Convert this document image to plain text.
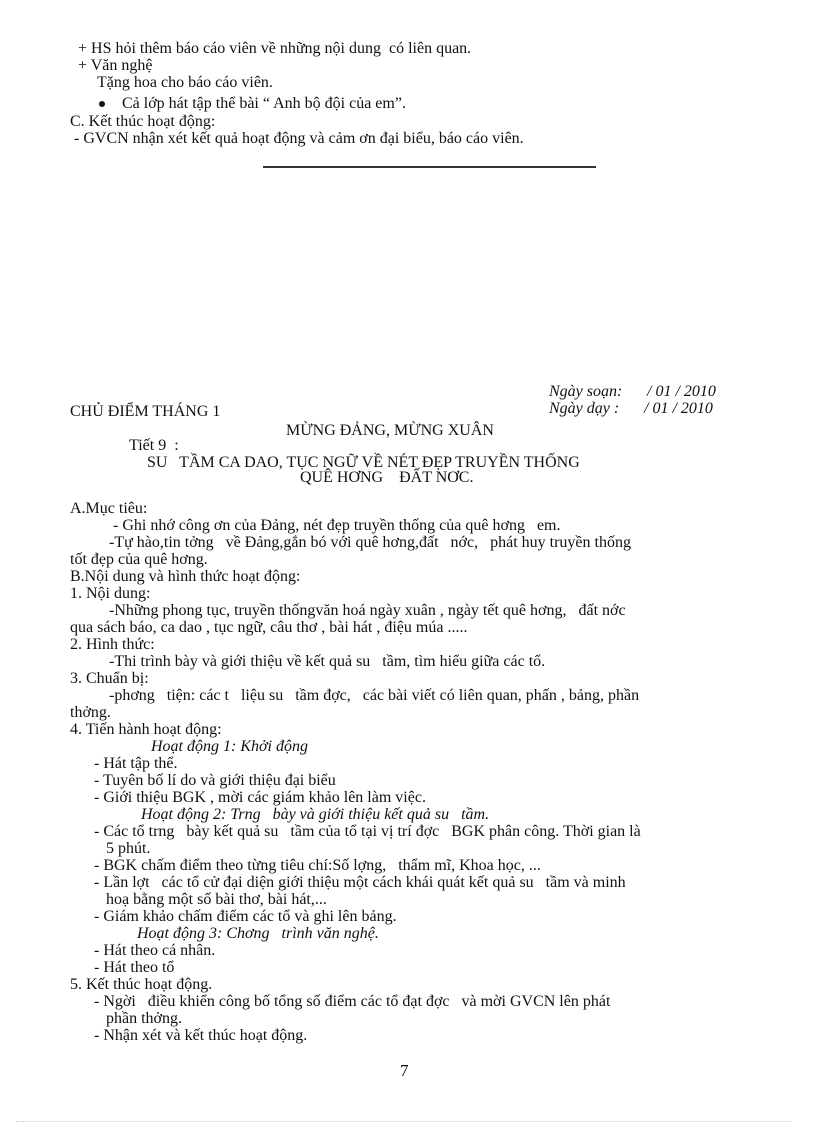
+ HS hỏi thêm báo cáo viên về những nội dung  có liên quan.
+ Văn nghệ
Tặng hoa cho báo cáo viên.
Cả lớp hát tập thể bài “ Anh bộ đội của em”.
C. Kết thúc hoạt động:
- GVCN nhận xét kết quả hoạt động và cảm ơn đại biểu, báo cáo viên.
Ngày soạn: / 01 / 2010
Ngày dạy : / 01 / 2010
CHỦ ĐIỂM THÁNG 1
MỪNG ĐẢNG, MỪNG XUÂN
Tiết 9  :
SU   TẦM CA DAO, TỤC NGỮ VỀ NÉT ĐẸP TRUYỀN THỐNG
QUÊ HƠNG    ĐẤT NƠC.
A.Mục tiêu:
- Ghi nhớ công ơn của Đảng, nét đẹp truyền thống của quê hơng   em.
-Tự hào,tin tởng   về Đảng,gắn bó với quê hơng,đất   nớc,   phát huy truyền thống
tốt đẹp của quê hơng.
B.Nội dung và hình thức hoạt động:
1. Nội dung:
-Những phong tục, truyền thốngvăn hoá ngày xuân , ngày tết quê hơng,   đất nớc
qua sách báo, ca dao , tục ngữ, câu thơ , bài hát , điệu múa .....
2. Hình thức:
-Thi trình bày và giới thiệu về kết quả su   tầm, tìm hiểu giữa các tổ.
3. Chuẩn bị:
-phơng   tiện: các t   liệu su   tầm đợc,   các bài viết có liên quan, phấn , bảng, phần
thởng.
4. Tiến hành hoạt động:
Hoạt động 1: Khởi động
- Hát tập thể.
- Tuyên bố lí do và giới thiệu đại biểu
- Giới thiệu BGK , mời các giám khảo lên làm việc.
Hoạt động 2: Trng   bày và giới thiệu kết quả su   tầm.
- Các tổ trng   bày kết quả su   tầm của tổ tại vị trí đợc   BGK phân công. Thời gian là
5 phút.
- BGK chấm điểm theo từng tiêu chí:Số lợng,   thẩm mĩ, Khoa học, ...
- Lần lợt   các tổ cử đại diện giới thiệu một cách khái quát kết quả su   tầm và minh
hoạ bằng một số bài thơ, bài hát,...
- Giám khảo chấm điểm các tổ và ghi lên bảng.
Hoạt động 3: Chơng   trình văn nghệ.
- Hát theo cá nhân.
- Hát theo tổ
5. Kết thúc hoạt động.
- Ngời   điều khiển công bố tổng số điểm các tổ đạt đợc   và mời GVCN lên phát
phần thởng.
- Nhận xét và kết thúc hoạt động.
7
